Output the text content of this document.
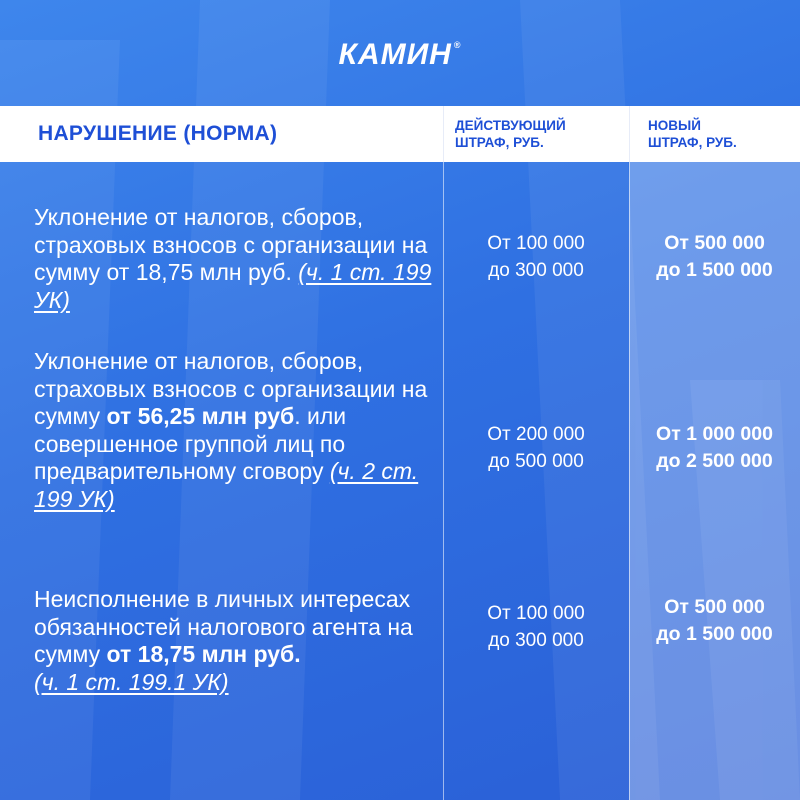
КАМИН ®
НАРУШЕНИЕ (НОРМА)	ДЕЙСТВУЮЩИЙ
ШТРАФ, РУБ.
НОВЫЙ
ШТРАФ, РУБ.
Уклонение от налогов, сборов, страховых взносов с организации на сумму от 18,75 млн руб. (ч. 1 ст. 199 УК)
От 100 000
до 300 000
От 500 000
до 1 500 000
Уклонение от налогов, сборов, страховых взносов с организации на сумму от 56,25 млн руб. или совершенное группой лиц по предварительному сговору (ч. 2 ст. 199 УК)
От 200 000
до 500 000
От 1 000 000
до 2 500 000
Неисполнение в личных интересах обязанностей налогового агента на сумму от 18,75 млн руб.
(ч. 1 ст. 199.1 УК)
От 100 000
до 300 000
От 500 000
до 1 500 000
